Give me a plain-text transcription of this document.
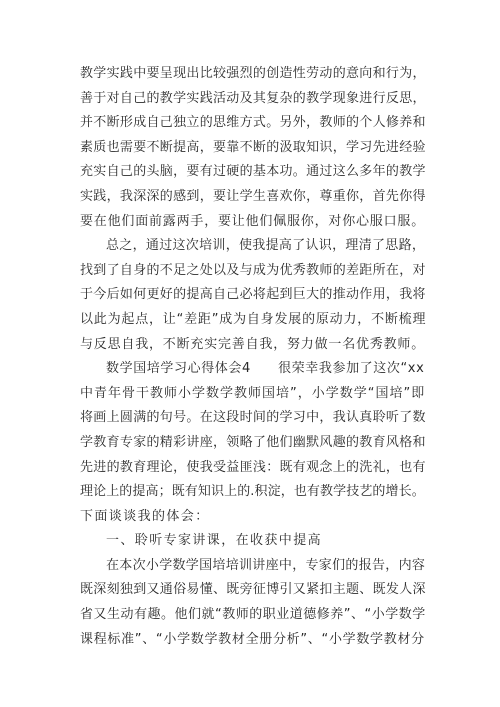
教学实践中要呈现出比较强烈的创造性劳动的意向和行为，
善于对自己的教学实践活动及其复杂的教学现象进行反思，
并不断形成自己独立的思维方式。另外，教师的个人修养和
素质也需要不断提高，要靠不断的汲取知识，学习先进经验
充实自己的头脑，要有过硬的基本功。通过这么多年的教学
实践，我深深的感到，要让学生喜欢你，尊重你，首先你得
要在他们面前露两手，要让他们佩服你，对你心服口服。
总之，通过这次培训，使我提高了认识，理清了思路，
找到了自身的不足之处以及与成为优秀教师的差距所在，对
于今后如何更好的提高自己必将起到巨大的推动作用，我将
以此为起点，让“差距”成为自身发展的原动力，不断梳理
与反思自我，不断充实完善自我，努力做一名优秀教师。
数学国培学习心得体会4　　很荣幸我参加了这次“xx
中青年骨干教师小学数学教师国培”，小学数学“国培”即
将画上圆满的句号。在这段时间的学习中，我认真聆听了数
学教育专家的精彩讲座，领略了他们幽默风趣的教育风格和
先进的教育理论，使我受益匪浅：既有观念上的洗礼，也有
理论上的提高；既有知识上的.积淀，也有教学技艺的增长。
下面谈谈我的体会：
一、聆听专家讲课，在收获中提高
在本次小学数学国培培训讲座中，专家们的报告，内容
既深刻独到又通俗易懂、既旁征博引又紧扣主题、既发人深
省又生动有趣。他们就“教师的职业道德修养”、“小学数学
课程标准”、“小学数学教材全册分析”、“小学数学教材分
